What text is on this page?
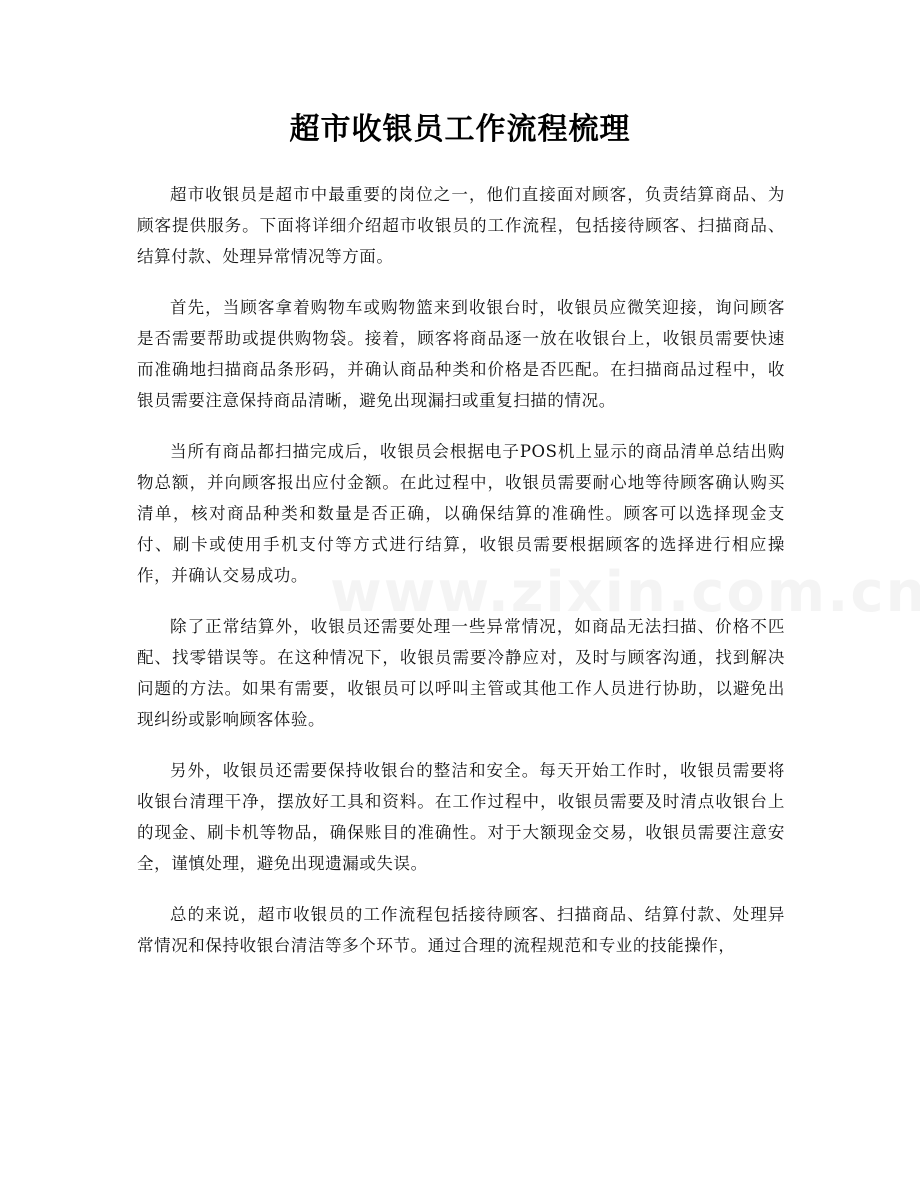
超市收银员工作流程梳理

超市收银员是超市中最重要的岗位之一，他们直接面对顾客，负责结算商品、为顾客提供服务。下面将详细介绍超市收银员的工作流程，包括接待顾客、扫描商品、结算付款、处理异常情况等方面。

首先，当顾客拿着购物车或购物篮来到收银台时，收银员应微笑迎接，询问顾客是否需要帮助或提供购物袋。接着，顾客将商品逐一放在收银台上，收银员需要快速而准确地扫描商品条形码，并确认商品种类和价格是否匹配。在扫描商品过程中，收银员需要注意保持商品清晰，避免出现漏扫或重复扫描的情况。

当所有商品都扫描完成后，收银员会根据电子POS机上显示的商品清单总结出购物总额，并向顾客报出应付金额。在此过程中，收银员需要耐心地等待顾客确认购买清单，核对商品种类和数量是否正确，以确保结算的准确性。顾客可以选择现金支付、刷卡或使用手机支付等方式进行结算，收银员需要根据顾客的选择进行相应操作，并确认交易成功。

除了正常结算外，收银员还需要处理一些异常情况，如商品无法扫描、价格不匹配、找零错误等。在这种情况下，收银员需要冷静应对，及时与顾客沟通，找到解决问题的方法。如果有需要，收银员可以呼叫主管或其他工作人员进行协助，以避免出现纠纷或影响顾客体验。

另外，收银员还需要保持收银台的整洁和安全。每天开始工作时，收银员需要将收银台清理干净，摆放好工具和资料。在工作过程中，收银员需要及时清点收银台上的现金、刷卡机等物品，确保账目的准确性。对于大额现金交易，收银员需要注意安全，谨慎处理，避免出现遗漏或失误。

总的来说，超市收银员的工作流程包括接待顾客、扫描商品、结算付款、处理异常情况和保持收银台清洁等多个环节。通过合理的流程规范和专业的技能操作，
